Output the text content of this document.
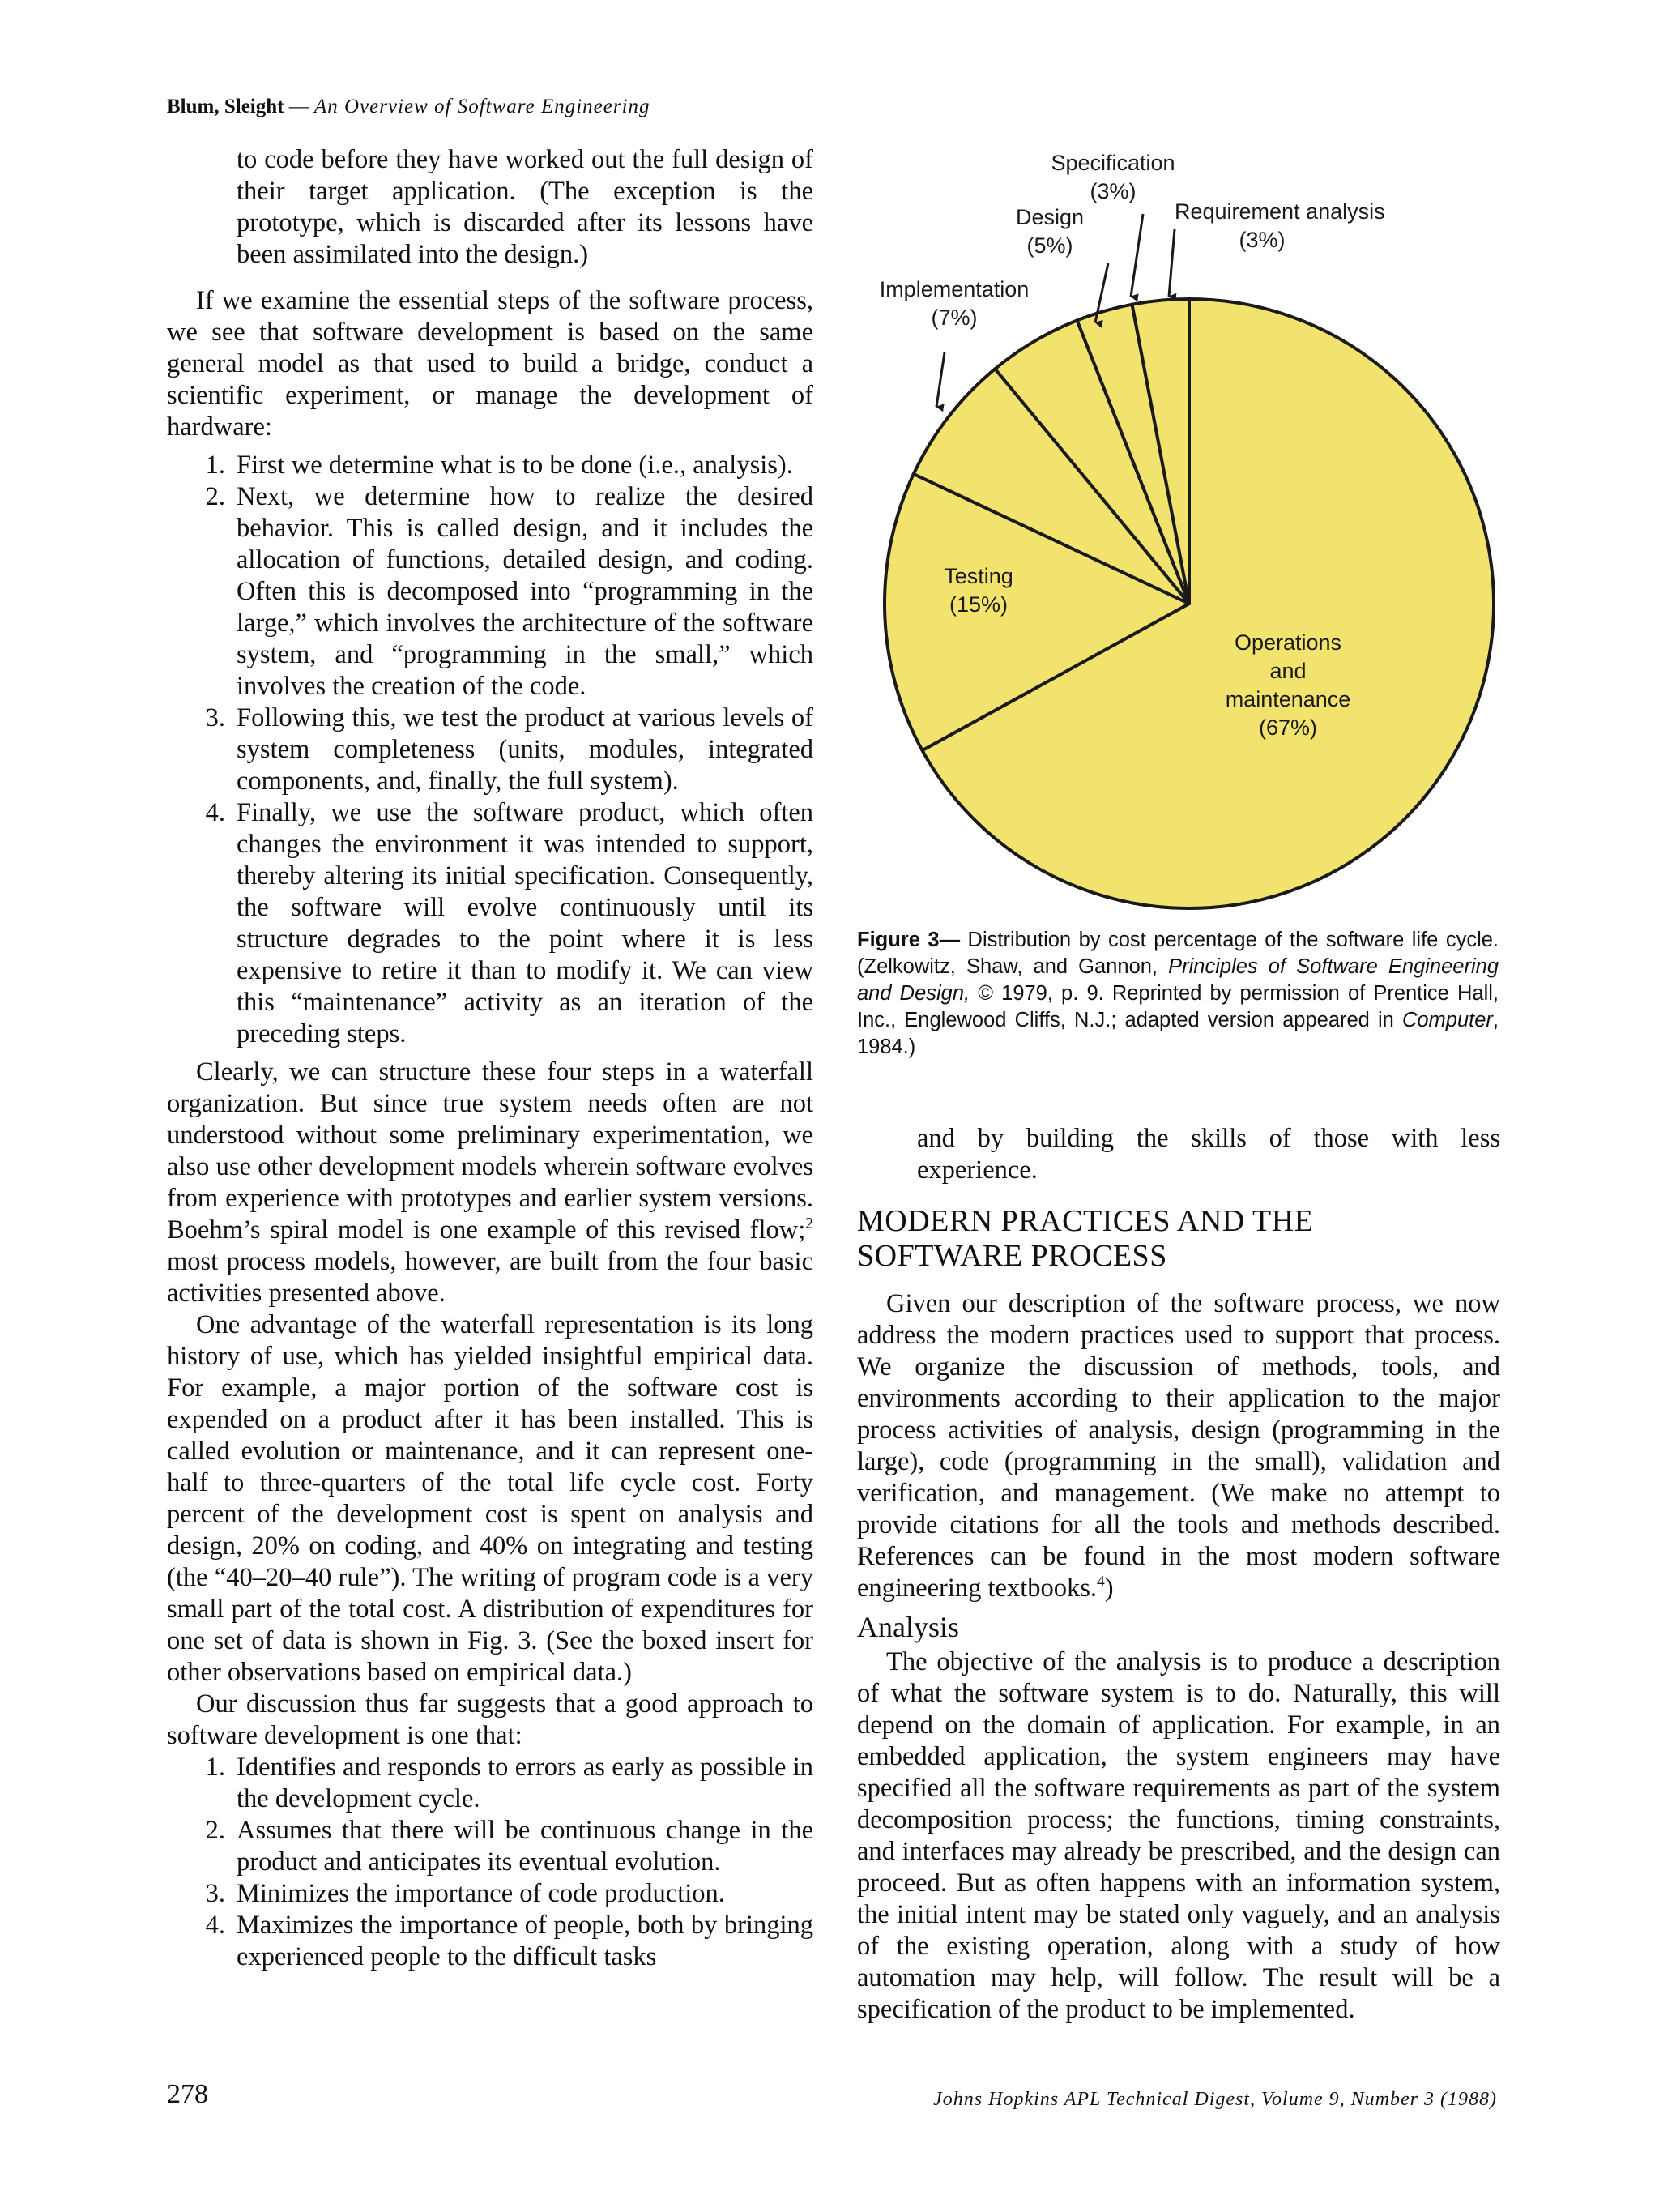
Blum, Sleight — An Overview of Software Engineering

to code before they have worked out the full design of their target application. (The exception is the prototype, which is discarded after its lessons have been assimilated into the design.)

If we examine the essential steps of the software process, we see that software development is based on the same general model as that used to build a bridge, conduct a scientific experiment, or manage the development of hardware:

1. First we determine what is to be done (i.e., analysis).
2. Next, we determine how to realize the desired behavior. This is called design, and it includes the allocation of functions, detailed design, and coding. Often this is decomposed into “programming in the large,” which involves the architecture of the software system, and “programming in the small,” which involves the creation of the code.
3. Following this, we test the product at various levels of system completeness (units, modules, integrated components, and, finally, the full system).
4. Finally, we use the software product, which often changes the environment it was intended to support, thereby altering its initial specification. Consequently, the software will evolve continuously until its structure degrades to the point where it is less expensive to retire it than to modify it. We can view this “maintenance” activity as an iteration of the preceding steps.

Clearly, we can structure these four steps in a waterfall organization. But since true system needs often are not understood without some preliminary experimentation, we also use other development models wherein software evolves from experience with prototypes and earlier system versions. Boehm’s spiral model is one example of this revised flow;$^2$ most process models, however, are built from the four basic activities presented above.

One advantage of the waterfall representation is its long history of use, which has yielded insightful empirical data. For example, a major portion of the software cost is expended on a product after it has been installed. This is called evolution or maintenance, and it can represent one-half to three-quarters of the total life cycle cost. Forty percent of the development cost is spent on analysis and design, 20% on coding, and 40% on integrating and testing (the “40–20–40 rule”). The writing of program code is a very small part of the total cost. A distribution of expenditures for one set of data is shown in Fig. 3. (See the boxed insert for other observations based on empirical data.)

Our discussion thus far suggests that a good approach to software development is one that:

1. Identifies and responds to errors as early as possible in the development cycle.
2. Assumes that there will be continuous change in the product and anticipates its eventual evolution.
3. Minimizes the importance of code production.
4. Maximizes the importance of people, both by bringing experienced people to the difficult tasks
Operations and maintenance (67%)
Testing (15%)
Implementation (7%)
Design (5%)
Specification (3%)
Requirement analysis (3%)
Figure 3— Distribution by cost percentage of the software life cycle. (Zelkowitz, Shaw, and Gannon, Principles of Software Engineering and Design, © 1979, p. 9. Reprinted by permission of Prentice Hall, Inc., Englewood Cliffs, N.J.; adapted version appeared in Computer, 1984.)

and by building the skills of those with less experience.

MODERN PRACTICES AND THE
SOFTWARE PROCESS

Given our description of the software process, we now address the modern practices used to support that process. We organize the discussion of methods, tools, and environments according to their application to the major process activities of analysis, design (programming in the large), code (programming in the small), validation and verification, and management. (We make no attempt to provide citations for all the tools and methods described. References can be found in the most modern software engineering textbooks.$^4$)

Analysis

The objective of the analysis is to produce a description of what the software system is to do. Naturally, this will depend on the domain of application. For example, in an embedded application, the system engineers may have specified all the software requirements as part of the system decomposition process; the functions, timing constraints, and interfaces may already be prescribed, and the design can proceed. But as often happens with an information system, the initial intent may be stated only vaguely, and an analysis of the existing operation, along with a study of how automation may help, will follow. The result will be a specification of the product to be implemented.

278	Johns Hopkins APL Technical Digest, Volume 9, Number 3 (1988)
